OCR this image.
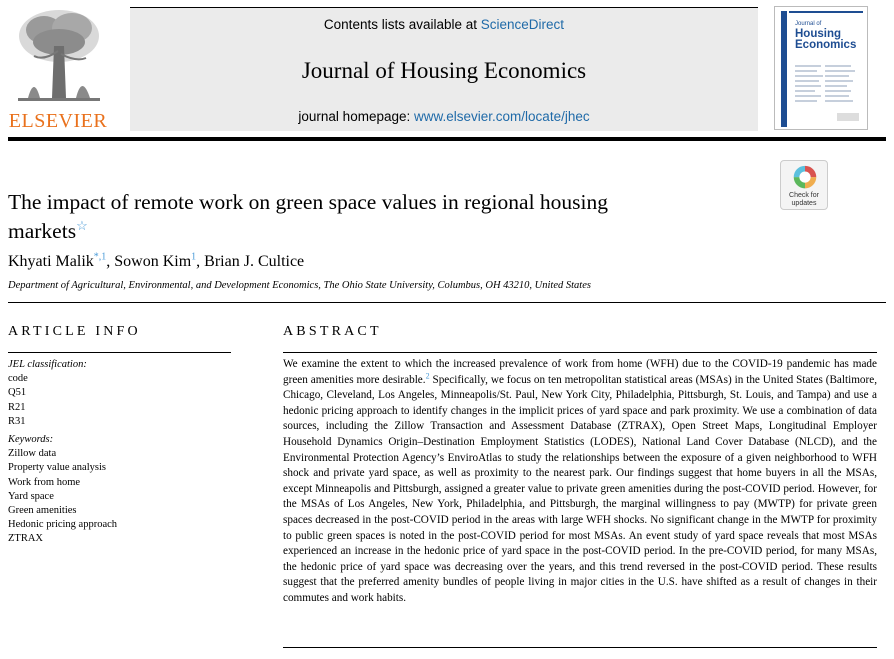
ELSEVIER
Contents lists available at ScienceDirect
Journal of Housing Economics
journal homepage: www.elsevier.com/locate/jhec
Journal of
Housing
Economics
The impact of remote work on green space values in regional housing
markets☆
Check for
updates
Khyati Malik$^{*,1}$, Sowon Kim$^1$, Brian J. Cultice
Department of Agricultural, Environmental, and Development Economics, The Ohio State University, Columbus, OH 43210, United States
ARTICLE INFO
JEL classification:
code
Q51
R21
R31
Keywords:
Zillow data
Property value analysis
Work from home
Yard space
Green amenities
Hedonic pricing approach
ZTRAX
ABSTRACT
We examine the extent to which the increased prevalence of work from home (WFH) due to the COVID-19 pandemic has made green amenities more desirable.$^2$ Specifically, we focus on ten metropolitan statistical areas (MSAs) in the United States (Baltimore, Chicago, Cleveland, Los Angeles, Minneapolis/St. Paul, New York City, Philadelphia, Pittsburgh, St. Louis, and Tampa) and use a hedonic pricing approach to identify changes in the implicit prices of yard space and park proximity. We use a combination of data sources, including the Zillow Transaction and Assessment Database (ZTRAX), Open Street Maps, Longitudinal Employer Household Dynamics Origin–Destination Employment Statistics (LODES), National Land Cover Database (NLCD), and the Environmental Protection Agency’s EnviroAtlas to study the relationships between the exposure of a given neighborhood to WFH shock and private yard space, as well as proximity to the nearest park. Our findings suggest that home buyers in all the MSAs, except Minneapolis and Pittsburgh, assigned a greater value to private green amenities during the post-COVID period. However, for the MSAs of Los Angeles, New York, Philadelphia, and Pittsburgh, the marginal willingness to pay (MWTP) for private green spaces decreased in the post-COVID period in the areas with large WFH shocks. No significant change in the MWTP for proximity to public green spaces is noted in the post-COVID period for most MSAs. An event study of yard space reveals that most MSAs experienced an increase in the hedonic price of yard space in the post-COVID period. In the pre-COVID period, for many MSAs, the hedonic price of yard space was decreasing over the years, and this trend reversed in the post-COVID period. These results suggest that the preferred amenity bundles of people living in major cities in the U.S. have shifted as a result of changes in their commutes and work habits.
